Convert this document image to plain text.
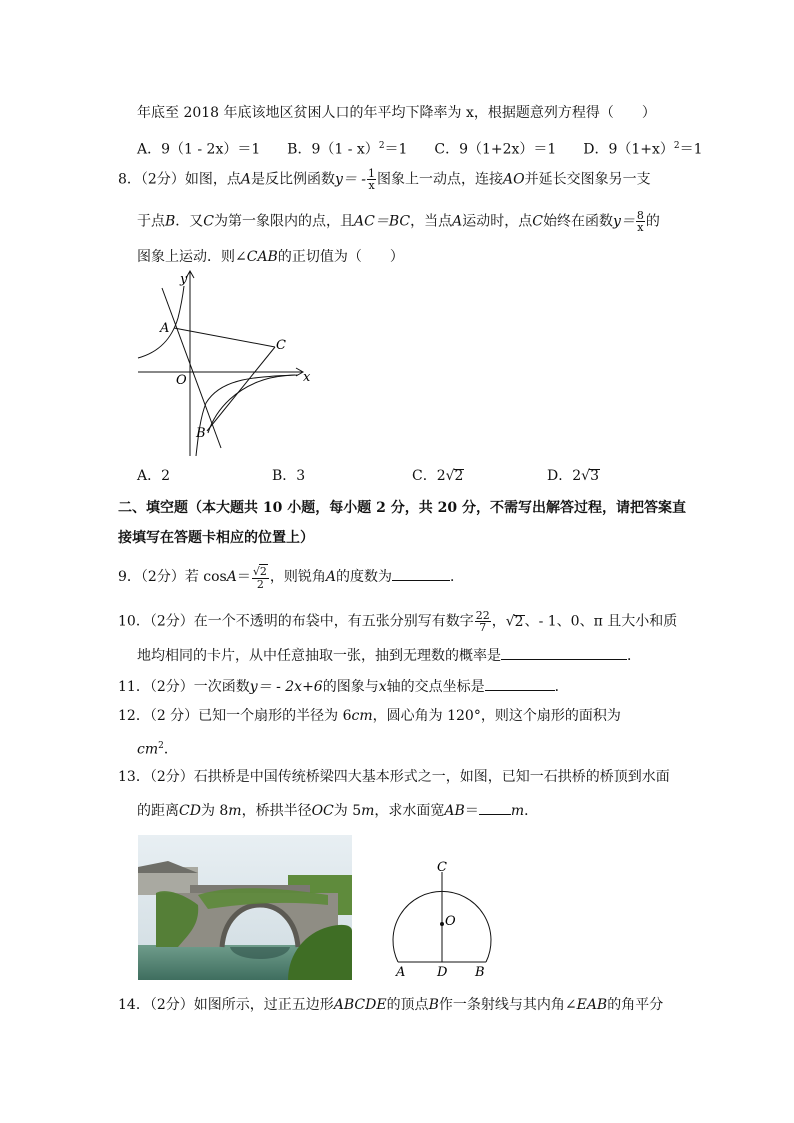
年底至 2018 年底该地区贫困人口的年平均下降率为 x，根据题意列方程得（　　）
A．9（1 - 2x）＝1 B．9（1 - x）$^2$＝1 C．9（1+2x）＝1 D．$9(1+x)^2=1$
8．（2分）如图，点A是反比例函数$y= - \frac{1}{x}$ 图象上一动点，连接AO并延长交图象另一支
于点B．又C为第一象限内的点，且AC＝BC，当点A运动时，点C始终在函数$y= \frac{8}{x}$ 的
图象上运动．则∠CAB的正切值为（　　）
y
x
O
A
B
C
A．2	B．3	C．2√2	D．2√3
二、填空题（本大题共 10 小题，每小题 2 分，共 20 分，不需写出解答过程，请把答案直
接填写在答题卡相应的位置上）
9．（2分）若 $\cos A= \frac{√2}{2}$ ，则锐角A的度数为	．
10．（2分）在一个不透明的布袋中，有五张分别写有数字 $\frac{22}{7}$ ，√2、- 1、0、π 且大小和质
地均相同的卡片，从中任意抽取一张，抽到无理数的概率是	．
11．（2分）一次函数y＝ - 2x+6的图象与x轴的交点坐标是	．
12．（2 分）已知一个扇形的半径为 6cm，圆心角为 120°，则这个扇形的面积为
$cm^2$．
13．（2分）石拱桥是中国传统桥梁四大基本形式之一，如图，已知一石拱桥的桥顶到水面
的距离CD为 8m，桥拱半径OC为 5m，求水面宽AB＝ m．
C
O
A D B
14．（2分）如图所示，过正五边形ABCDE的顶点B作一条射线与其内角∠EAB的角平分
